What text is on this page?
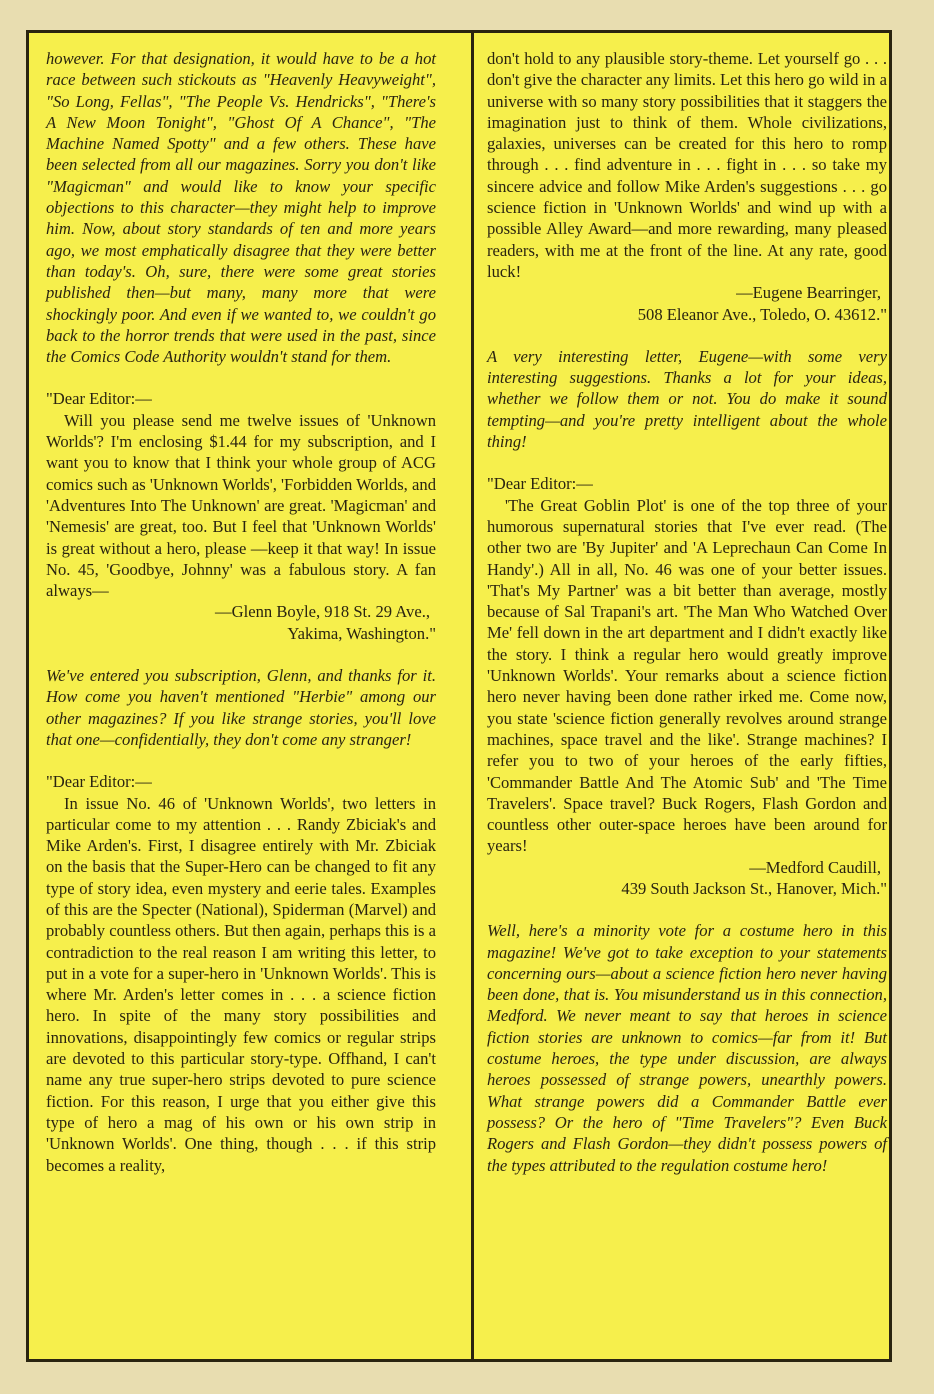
however. For that designation, it would have to be a hot race between such stickouts as "Heavenly Heavyweight", "So Long, Fellas", "The People Vs. Hendricks", "There's A New Moon Tonight", "Ghost Of A Chance", "The Machine Named Spotty" and a few others. These have been selected from all our magazines. Sorry you don't like "Magicman" and would like to know your specific objections to this character—they might help to improve him. Now, about story standards of ten and more years ago, we most emphatically disagree that they were better than today's. Oh, sure, there were some great stories published then—but many, many more that were shockingly poor. And even if we wanted to, we couldn't go back to the horror trends that were used in the past, since the Comics Code Authority wouldn't stand for them.

"Dear Editor:—

Will you please send me twelve issues of 'Unknown Worlds'? I'm enclosing $1.44 for my subscription, and I want you to know that I think your whole group of ACG comics such as 'Unknown Worlds', 'Forbidden Worlds, and 'Adventures Into The Unknown' are great. 'Magicman' and 'Nemesis' are great, too. But I feel that 'Unknown Worlds' is great without a hero, please —keep it that way! In issue No. 45, 'Goodbye, Johnny' was a fabulous story. A fan always—

—Glenn Boyle, 918 St. 29 Ave.,

Yakima, Washington."

We've entered you subscription, Glenn, and thanks for it. How come you haven't mentioned "Herbie" among our other magazines? If you like strange stories, you'll love that one—confidentially, they don't come any stranger!

"Dear Editor:—

In issue No. 46 of 'Unknown Worlds', two letters in particular come to my attention . . . Randy Zbiciak's and Mike Arden's. First, I disagree entirely with Mr. Zbiciak on the basis that the Super-Hero can be changed to fit any type of story idea, even mystery and eerie tales. Examples of this are the Specter (National), Spiderman (Marvel) and probably countless others. But then again, perhaps this is a contradiction to the real reason I am writing this letter, to put in a vote for a super-hero in 'Unknown Worlds'. This is where Mr. Arden's letter comes in . . . a science fiction hero. In spite of the many story possibilities and innovations, disappointingly few comics or regular strips are devoted to this particular story-type. Offhand, I can't name any true super-hero strips devoted to pure science fiction. For this reason, I urge that you either give this type of hero a mag of his own or his own strip in 'Unknown Worlds'. One thing, though . . . if this strip becomes a reality,

don't hold to any plausible story-theme. Let yourself go . . . don't give the character any limits. Let this hero go wild in a universe with so many story possibilities that it staggers the imagination just to think of them. Whole civilizations, galaxies, universes can be created for this hero to romp through . . . find adventure in . . . fight in . . . so take my sincere advice and follow Mike Arden's suggestions . . . go science fiction in 'Unknown Worlds' and wind up with a possible Alley Award—and more rewarding, many pleased readers, with me at the front of the line. At any rate, good luck!

—Eugene Bearringer,

508 Eleanor Ave., Toledo, O. 43612."

A very interesting letter, Eugene—with some very interesting suggestions. Thanks a lot for your ideas, whether we follow them or not. You do make it sound tempting—and you're pretty intelligent about the whole thing!

"Dear Editor:—

'The Great Goblin Plot' is one of the top three of your humorous supernatural stories that I've ever read. (The other two are 'By Jupiter' and 'A Leprechaun Can Come In Handy'.) All in all, No. 46 was one of your better issues. 'That's My Partner' was a bit better than average, mostly because of Sal Trapani's art. 'The Man Who Watched Over Me' fell down in the art department and I didn't exactly like the story. I think a regular hero would greatly improve 'Unknown Worlds'. Your remarks about a science fiction hero never having been done rather irked me. Come now, you state 'science fiction generally revolves around strange machines, space travel and the like'. Strange machines? I refer you to two of your heroes of the early fifties, 'Commander Battle And The Atomic Sub' and 'The Time Travelers'. Space travel? Buck Rogers, Flash Gordon and countless other outer-space heroes have been around for years!

—Medford Caudill,

439 South Jackson St., Hanover, Mich."

Well, here's a minority vote for a costume hero in this magazine! We've got to take exception to your statements concerning ours—about a science fiction hero never having been done, that is. You misunderstand us in this connection, Medford. We never meant to say that heroes in science fiction stories are unknown to comics—far from it! But costume heroes, the type under discussion, are always heroes possessed of strange powers, unearthly powers. What strange powers did a Commander Battle ever possess? Or the hero of "Time Travelers"? Even Buck Rogers and Flash Gordon—they didn't possess powers of the types attributed to the regulation costume hero!
